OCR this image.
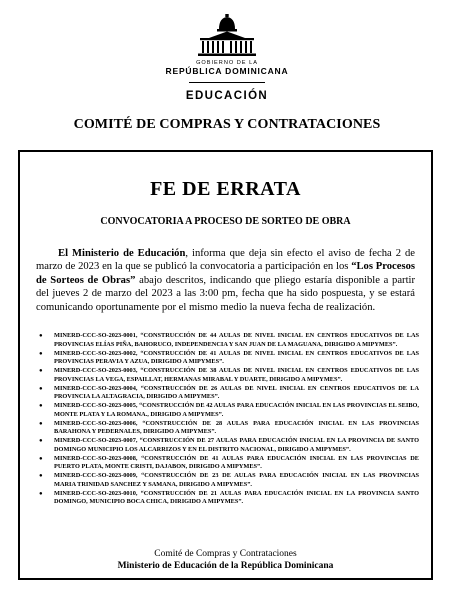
GOBIERNO DE LA
REPÚBLICA DOMINICANA
EDUCACIÓN
COMITÉ DE COMPRAS Y CONTRATACIONES
FE DE ERRATA
CONVOCATORIA A PROCESO DE SORTEO DE OBRA

El Ministerio de Educación, informa que deja sin efecto el aviso de fecha 2 de marzo de 2023 en la que se publicó la convocatoria a participación en los “Los Procesos de Sorteos de Obras” abajo descritos, indicando que pliego estaría disponible a partir del jueves 2 de marzo del 2023 a las 3:00 pm, fecha que ha sido pospuesta, y se estará comunicando oportunamente por el mismo medio la nueva fecha de realización.

● MINERD-CCC-SO-2023-0001, “CONSTRUCCIÓN DE 44 AULAS DE NIVEL INICIAL EN CENTROS EDUCATIVOS DE LAS PROVINCIAS ELÍAS PIÑA, BAHORUCO, INDEPENDENCIA Y SAN JUAN DE LA MAGUANA, DIRIGIDO A MIPYMES”.
● MINERD-CCC-SO-2023-0002, “CONSTRUCCIÓN DE 41 AULAS DE NIVEL INICIAL EN CENTROS EDUCATIVOS DE LAS PROVINCIAS PERAVIA Y AZUA, DIRIGIDO A MIPYMES”.
● MINERD-CCC-SO-2023-0003, “CONSTRUCCIÓN DE 38 AULAS DE NIVEL INICIAL EN CENTROS EDUCATIVOS DE LAS PROVINCIAS LA VEGA, ESPAILLAT, HERMANAS MIRABAL Y DUARTE, DIRIGIDO A MIPYMES”.
● MINERD-CCC-SO-2023-0004, “CONSTRUCCIÓN DE 26 AULAS DE NIVEL INICIAL EN CENTROS EDUCATIVOS DE LA PROVINCIA LA ALTAGRACIA, DIRIGIDO A MIPYMES”.
● MINERD-CCC-SO-2023-0005, “CONSTRUCCIÓN DE 42 AULAS PARA EDUCACIÓN INICIAL EN LAS PROVINCIAS EL SEIBO, MONTE PLATA Y LA ROMANA., DIRIGIDO A MIPYMES”.
● MINERD-CCC-SO-2023-0006, “CONSTRUCCIÓN DE 28 AULAS PARA EDUCACIÓN INICIAL EN LAS PROVINCIAS BARAHONA Y PEDERNALES, DIRIGIDO A MIPYMES”.
● MINERD-CCC-SO-2023-0007, “CONSTRUCCIÓN DE 27 AULAS PARA EDUCACIÓN INICIAL EN LA PROVINCIA DE SANTO DOMINGO MUNICIPIO LOS ALCARRIZOS Y EN EL DISTRITO NACIONAL, DIRIGIDO A MIPYMES”.
● MINERD-CCC-SO-2023-0008, “CONSTRUCCIÓN DE 41 AULAS PARA EDUCACIÓN INICIAL EN LAS PROVINCIAS DE PUERTO PLATA, MONTE CRISTI, DAJABON, DIRIGIDO A MIPYMES”.
● MINERD-CCC-SO-2023-0009, “CONSTRUCCIÓN DE 23 DE AULAS PARA EDUCACIÓN INICIAL EN LAS PROVINCIAS MARIA TRINIDAD SANCHEZ Y SAMANA, DIRIGIDO A MIPYMES”.
● MINERD-CCC-SO-2023-0010, “CONSTRUCCIÓN DE 21 AULAS PARA EDUCACIÓN INICIAL EN LA PROVINCIA SANTO DOMINGO, MUNICIPIO BOCA CHICA, DIRIGIDO A MIPYMES”.
Comité de Compras y Contrataciones
Ministerio de Educación de la República Dominicana
